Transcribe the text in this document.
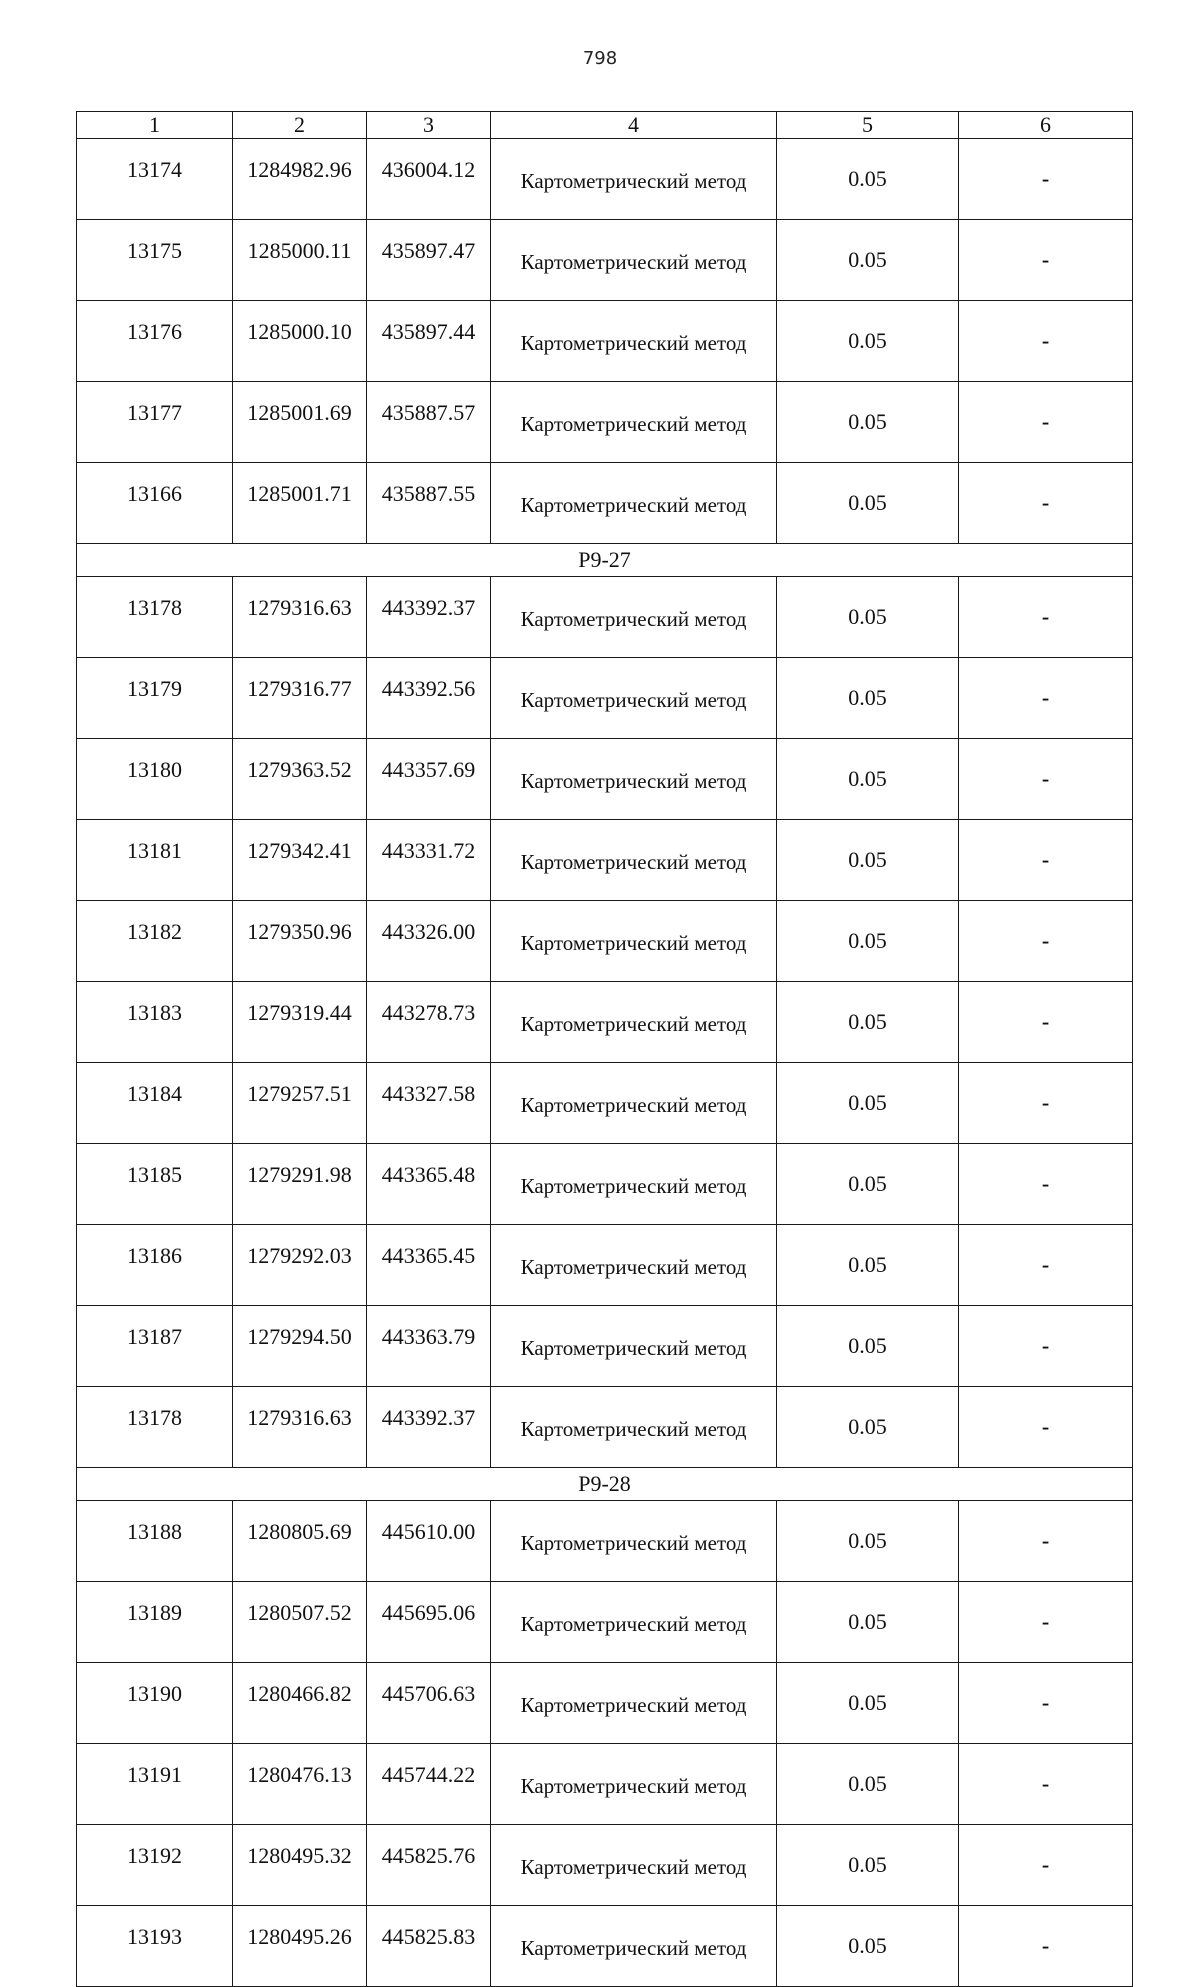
798
1	2	3	4	5	6
13174	1284982.96	436004.12	Картометрический метод	0.05	-
13175	1285000.11	435897.47	Картометрический метод	0.05	-
13176	1285000.10	435897.44	Картометрический метод	0.05	-
13177	1285001.69	435887.57	Картометрический метод	0.05	-
13166	1285001.71	435887.55	Картометрический метод	0.05	-
Р9-27					
13178	1279316.63	443392.37	Картометрический метод	0.05	-
13179	1279316.77	443392.56	Картометрический метод	0.05	-
13180	1279363.52	443357.69	Картометрический метод	0.05	-
13181	1279342.41	443331.72	Картометрический метод	0.05	-
13182	1279350.96	443326.00	Картометрический метод	0.05	-
13183	1279319.44	443278.73	Картометрический метод	0.05	-
13184	1279257.51	443327.58	Картометрический метод	0.05	-
13185	1279291.98	443365.48	Картометрический метод	0.05	-
13186	1279292.03	443365.45	Картометрический метод	0.05	-
13187	1279294.50	443363.79	Картометрический метод	0.05	-
13178	1279316.63	443392.37	Картометрический метод	0.05	-
Р9-28					
13188	1280805.69	445610.00	Картометрический метод	0.05	-
13189	1280507.52	445695.06	Картометрический метод	0.05	-
13190	1280466.82	445706.63	Картометрический метод	0.05	-
13191	1280476.13	445744.22	Картометрический метод	0.05	-
13192	1280495.32	445825.76	Картометрический метод	0.05	-
13193	1280495.26	445825.83	Картометрический метод	0.05	-
